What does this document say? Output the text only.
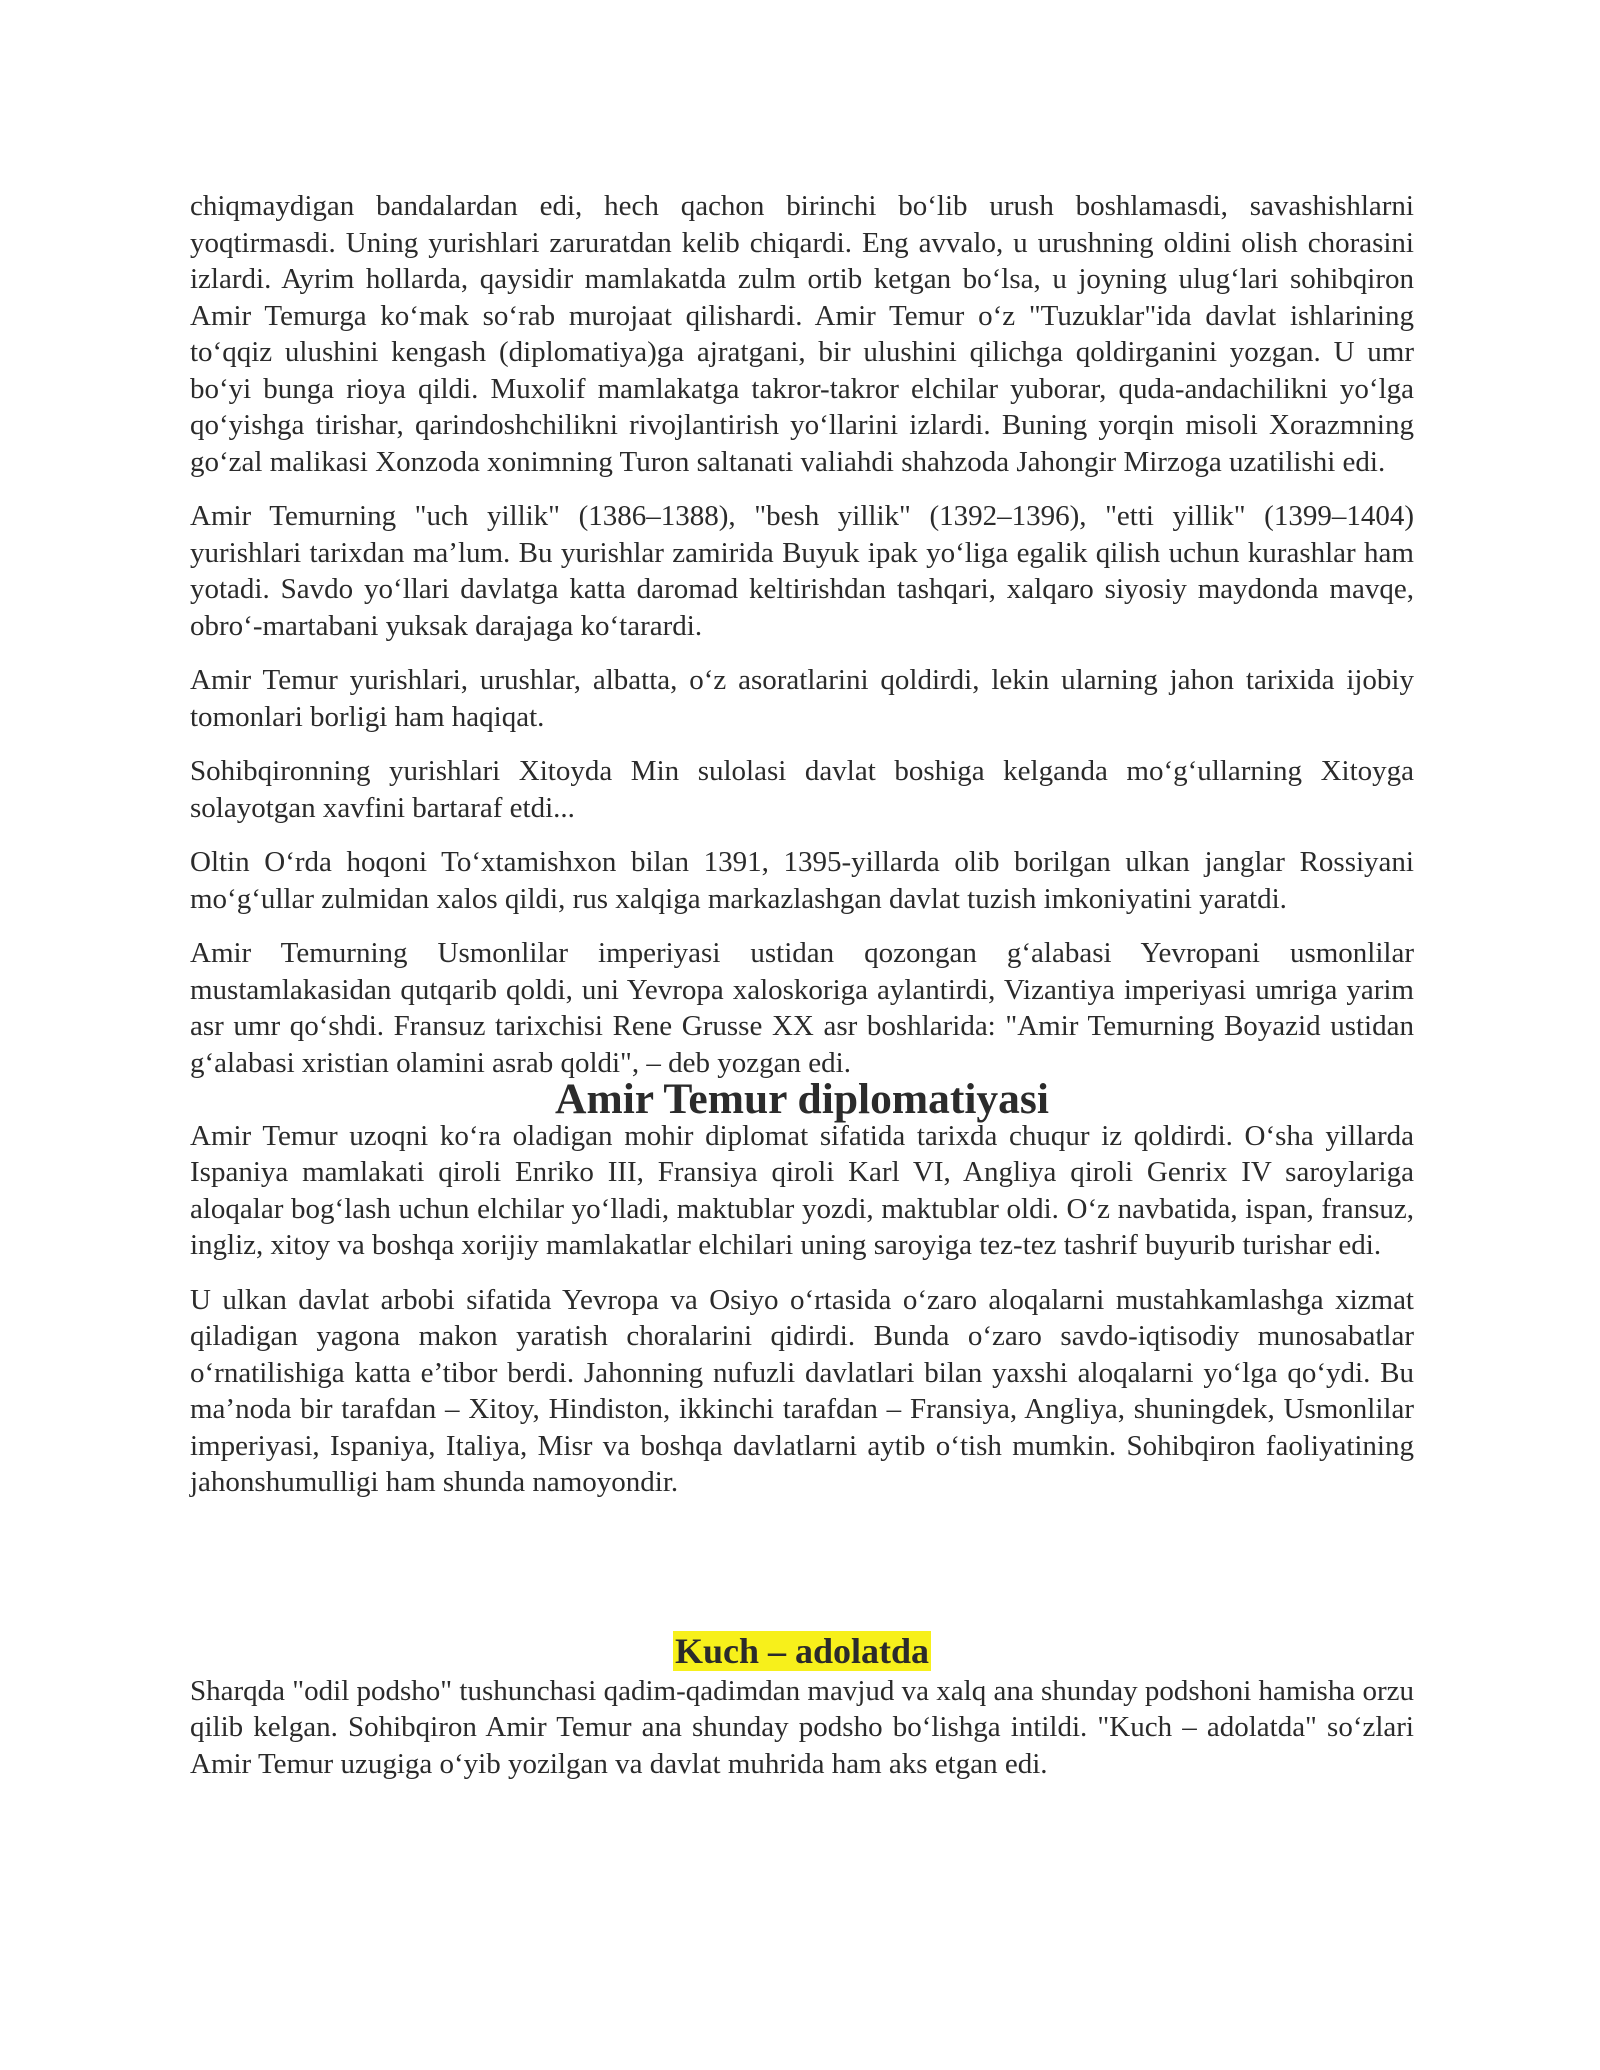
chiqmaydigan bandalardan edi, hech qachon birinchi bo‘lib urush boshlamasdi, savashishlarni yoqtirmasdi. Uning yurishlari zaruratdan kelib chiqardi. Eng avvalo, u urushning oldini olish chorasini izlardi. Ayrim hollarda, qaysidir mamlakatda zulm ortib ketgan bo‘lsa, u joyning ulug‘lari sohibqiron Amir Temurga ko‘mak so‘rab murojaat qilishardi. Amir Temur o‘z "Tuzuklar"ida davlat ishlarining to‘qqiz ulushini kengash (diplomatiya)ga ajratgani, bir ulushini qilichga qoldirganini yozgan. U umr bo‘yi bunga rioya qildi. Muxolif mamlakatga takror-takror elchilar yuborar, quda-andachilikni yo‘lga qo‘yishga tirishar, qarindoshchilikni rivojlantirish yo‘llarini izlardi. Buning yorqin misoli Xorazmning go‘zal malikasi Xonzoda xonimning Turon saltanati valiahdi shahzoda Jahongir Mirzoga uzatilishi edi.

Amir Temurning "uch yillik" (1386–1388), "besh yillik" (1392–1396), "etti yillik" (1399–1404) yurishlari tarixdan ma’lum. Bu yurishlar zamirida Buyuk ipak yo‘liga egalik qilish uchun kurashlar ham yotadi. Savdo yo‘llari davlatga katta daromad keltirishdan tashqari, xalqaro siyosiy maydonda mavqe, obro‘-martabani yuksak darajaga ko‘tarardi.

Amir Temur yurishlari, urushlar, albatta, o‘z asoratlarini qoldirdi, lekin ularning jahon tarixida ijobiy tomonlari borligi ham haqiqat.

Sohibqironning yurishlari Xitoyda Min sulolasi davlat boshiga kelganda mo‘g‘ullarning Xitoyga solayotgan xavfini bartaraf etdi...

Oltin O‘rda hoqoni To‘xtamishxon bilan 1391, 1395-yillarda olib borilgan ulkan janglar Rossiyani mo‘g‘ullar zulmidan xalos qildi, rus xalqiga markazlashgan davlat tuzish imkoniyatini yaratdi.

Amir Temurning Usmonlilar imperiyasi ustidan qozongan g‘alabasi Yevropani usmonlilar mustamlakasidan qutqarib qoldi, uni Yevropa xaloskoriga aylantirdi, Vizantiya imperiyasi umriga yarim asr umr qo‘shdi. Fransuz tarixchisi Rene Grusse XX asr boshlarida: "Amir Temurning Boyazid ustidan g‘alabasi xristian olamini asrab qoldi", – deb yozgan edi.

Amir Temur diplomatiyasi

Amir Temur uzoqni ko‘ra oladigan mohir diplomat sifatida tarixda chuqur iz qoldirdi. O‘sha yillarda Ispaniya mamlakati qiroli Enriko III, Fransiya qiroli Karl VI, Angliya qiroli Genrix IV saroylariga aloqalar bog‘lash uchun elchilar yo‘lladi, maktublar yozdi, maktublar oldi. O‘z navbatida, ispan, fransuz, ingliz, xitoy va boshqa xorijiy mamlakatlar elchilari uning saroyiga tez-tez tashrif buyurib turishar edi.

U ulkan davlat arbobi sifatida Yevropa va Osiyo o‘rtasida o‘zaro aloqalarni mustahkamlashga xizmat qiladigan yagona makon yaratish choralarini qidirdi. Bunda o‘zaro savdo-iqtisodiy munosabatlar o‘rnatilishiga katta e’tibor berdi. Jahonning nufuzli davlatlari bilan yaxshi aloqalarni yo‘lga qo‘ydi. Bu ma’noda bir tarafdan – Xitoy, Hindiston, ikkinchi tarafdan – Fransiya, Angliya, shuningdek, Usmonlilar imperiyasi, Ispaniya, Italiya, Misr va boshqa davlatlarni aytib o‘tish mumkin. Sohibqiron faoliyatining jahonshumulligi ham shunda namoyondir.

Kuch – adolatda

Sharqda "odil podsho" tushunchasi qadim-qadimdan mavjud va xalq ana shunday podshoni hamisha orzu qilib kelgan. Sohibqiron Amir Temur ana shunday podsho bo‘lishga intildi. "Kuch – adolatda" so‘zlari Amir Temur uzugiga o‘yib yozilgan va davlat muhrida ham aks etgan edi.
